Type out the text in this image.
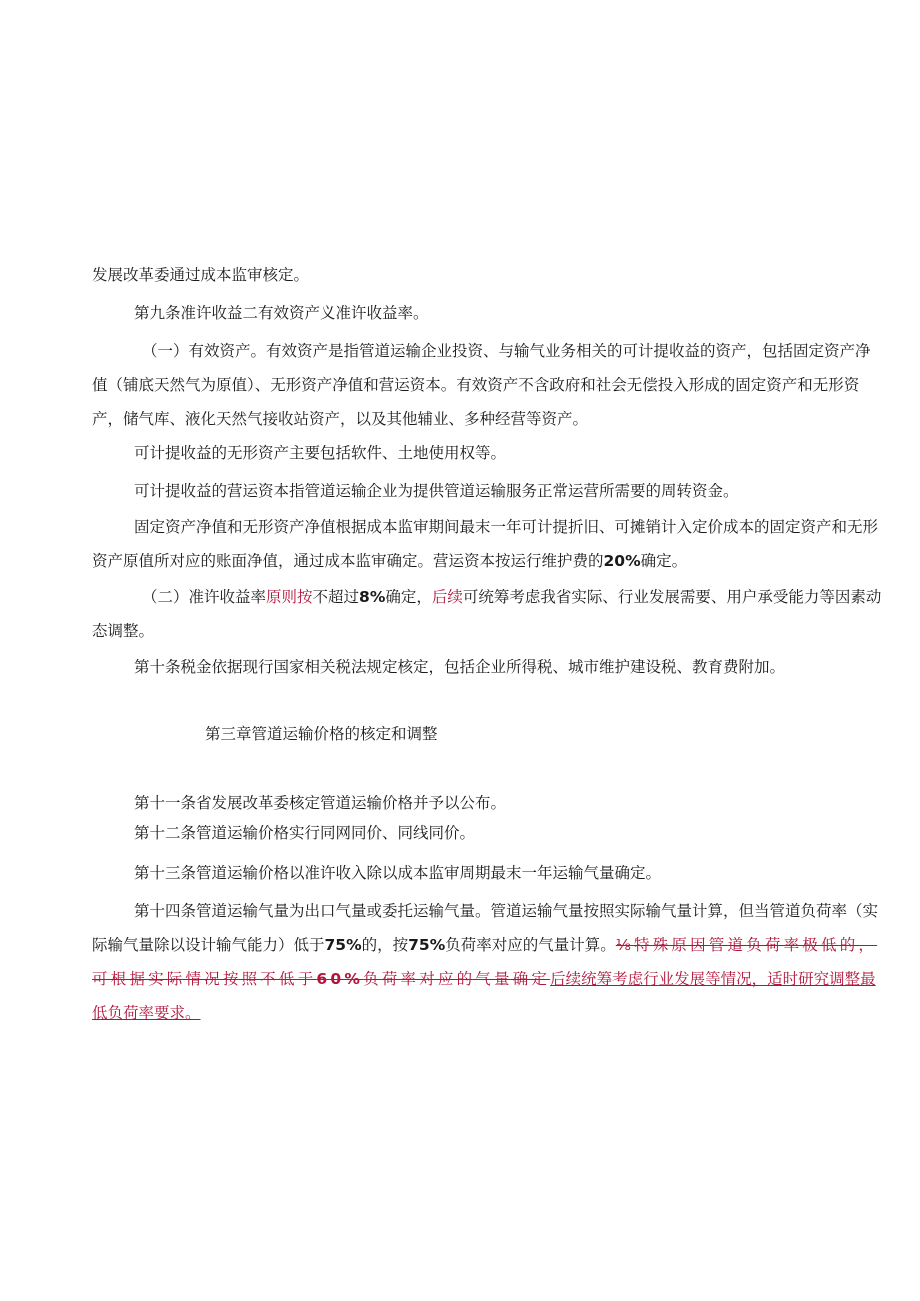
发展改革委通过成本监审核定。

第九条准许收益二有效资产义准许收益率。

（一）有效资产。有效资产是指管道运输企业投资、与输气业务相关的可计提收益的资产，包括固定资产净值（铺底天然气为原值）、无形资产净值和营运资本。有效资产不含政府和社会无偿投入形成的固定资产和无形资产，储气库、液化天然气接收站资产，以及其他辅业、多种经营等资产。

可计提收益的无形资产主要包括软件、土地使用权等。

可计提收益的营运资本指管道运输企业为提供管道运输服务正常运营所需要的周转资金。

固定资产净值和无形资产净值根据成本监审期间最末一年可计提折旧、可摊销计入定价成本的固定资产和无形资产原值所对应的账面净值，通过成本监审确定。营运资本按运行维护费的20%确定。

（二）准许收益率原则按不超过8%确定，后续可统筹考虑我省实际、行业发展需要、用户承受能力等因素动态调整。

第十条税金依据现行国家相关税法规定核定，包括企业所得税、城市维护建设税、教育费附加。

第三章管道运输价格的核定和调整

第十一条省发展改革委核定管道运输价格并予以公布。

第十二条管道运输价格实行同网同价、同线同价。

第十三条管道运输价格以准许收入除以成本监审周期最末一年运输气量确定。

第十四条管道运输气量为出口气量或委托运输气量。管道运输气量按照实际输气量计算，但当管道负荷率（实际输气量除以设计输气能力）低于75%的，按75%负荷率对应的气量计算。⅛特殊原因管道负荷率极低的，可根据实际情况按照不低于60%负荷率对应的气量确定后续统筹考虑行业发展等情况，适时研究调整最低负荷率要求。
